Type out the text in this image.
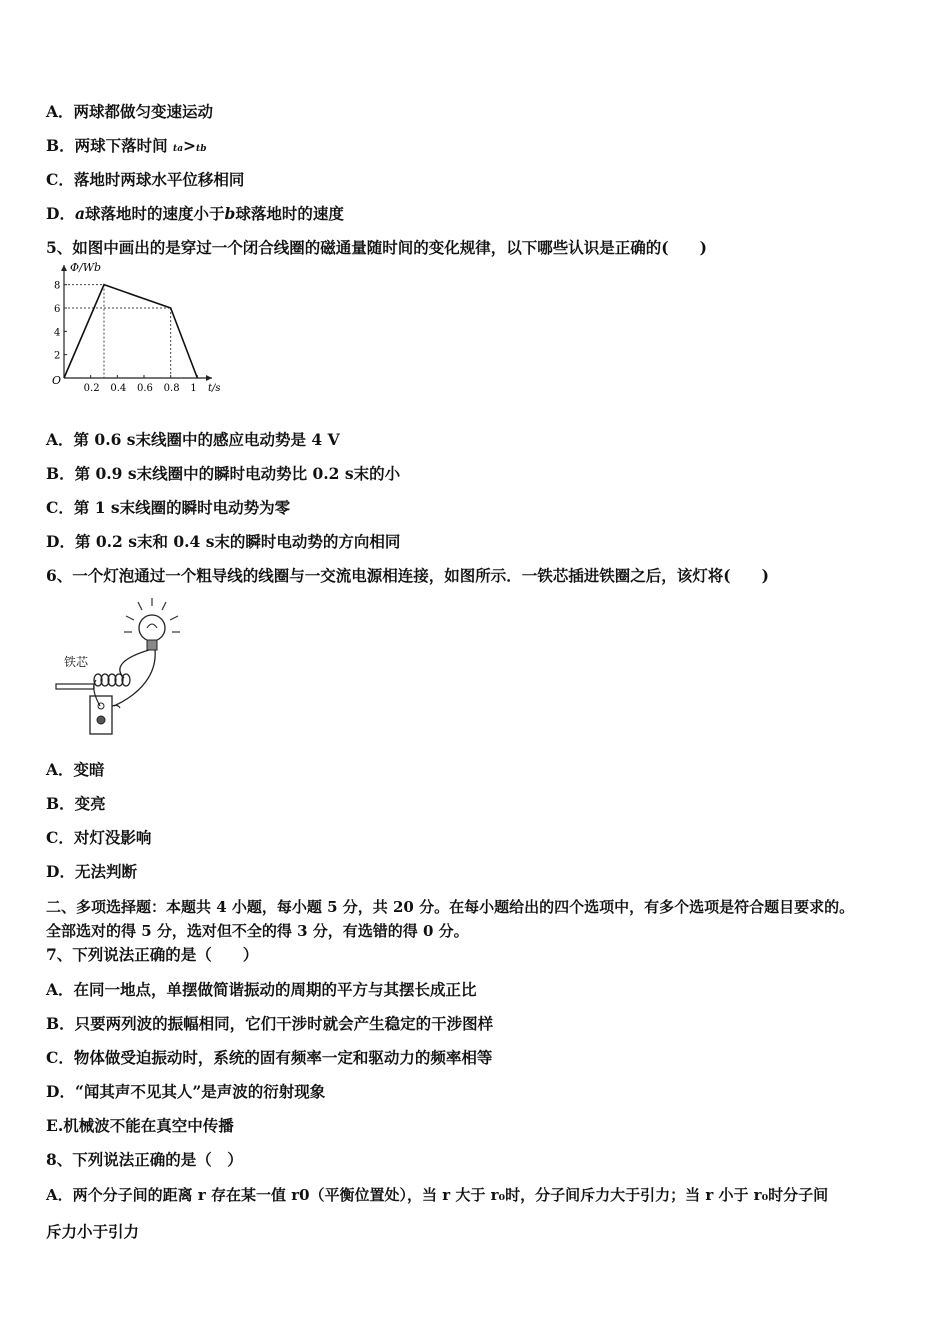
A．两球都做匀变速运动
B．两球下落时间 ta>tb
C．落地时两球水平位移相同
D．a球落地时的速度小于b球落地时的速度
5、如图中画出的是穿过一个闭合线圈的磁通量随时间的变化规律，以下哪些认识是正确的(　　)
Φ/Wb
t/s
O
2
4
6
8
0.2 0.4 0.6 0.8 1
A．第 0.6 s末线圈中的感应电动势是 4 V
B．第 0.9 s末线圈中的瞬时电动势比 0.2 s末的小
C．第 1 s末线圈的瞬时电动势为零
D．第 0.2 s末和 0.4 s末的瞬时电动势的方向相同
6、一个灯泡通过一个粗导线的线圈与一交流电源相连接，如图所示．一铁芯插进铁圈之后，该灯将(　　)
铁芯
A．变暗
B．变亮
C．对灯没影响
D．无法判断
二、多项选择题：本题共 4 小题，每小题 5 分，共 20 分。在每小题给出的四个选项中，有多个选项是符合题目要求的。
全部选对的得 5 分，选对但不全的得 3 分，有选错的得 0 分。
7、下列说法正确的是（　　）
A．在同一地点，单摆做简谐振动的周期的平方与其摆长成正比
B．只要两列波的振幅相同，它们干涉时就会产生稳定的干涉图样
C．物体做受迫振动时，系统的固有频率一定和驱动力的频率相等
D．“闻其声不见其人”是声波的衍射现象
E.机械波不能在真空中传播
8、下列说法正确的是（　）
A．两个分子间的距离 r 存在某一值 r0（平衡位置处），当 r 大于 r₀时，分子间斥力大于引力；当 r 小于 r₀时分子间
斥力小于引力
